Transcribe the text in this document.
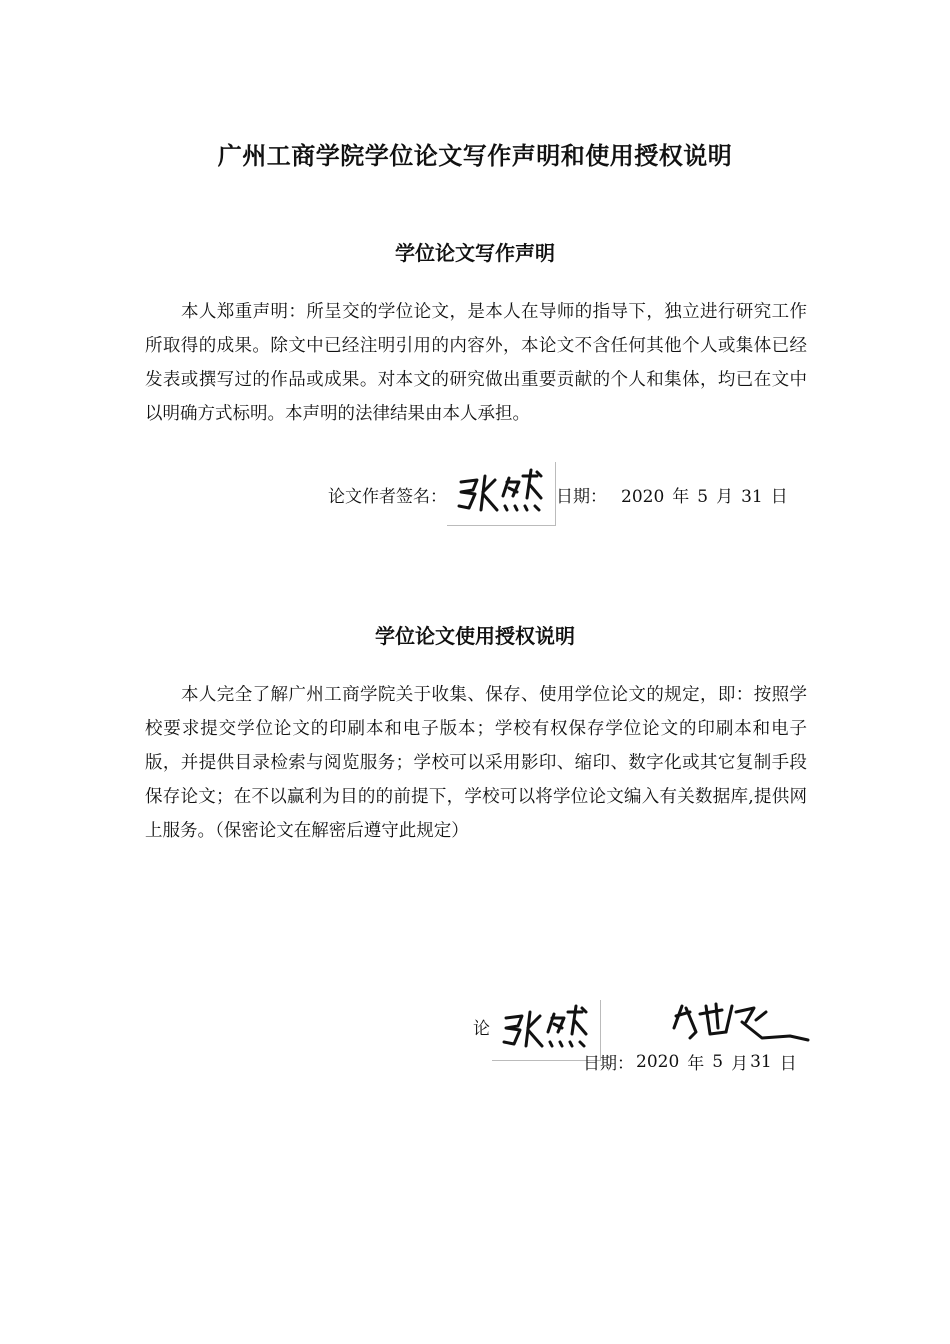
广州工商学院学位论文写作声明和使用授权说明
学位论文写作声明

本人郑重声明：所呈交的学位论文，是本人在导师的指导下，独立进行研究工作所取得的成果。除文中已经注明引用的内容外，本论文不含任何其他个人或集体已经发表或撰写过的作品或成果。对本文的研究做出重要贡献的个人和集体，均已在文中以明确方式标明。本声明的法律结果由本人承担。

论文作者签名：	日期： 2020 年 5 月 31 日
学位论文使用授权说明

本人完全了解广州工商学院关于收集、保存、使用学位论文的规定，即：按照学校要求提交学位论文的印刷本和电子版本；学校有权保存学位论文的印刷本和电子版，并提供目录检索与阅览服务；学校可以采用影印、缩印、数字化或其它复制手段保存论文；在不以赢利为目的的前提下，学校可以将学位论文编入有关数据库,提供网上服务。（保密论文在解密后遵守此规定）

论
日期： 2020 年 5 月 31 日
